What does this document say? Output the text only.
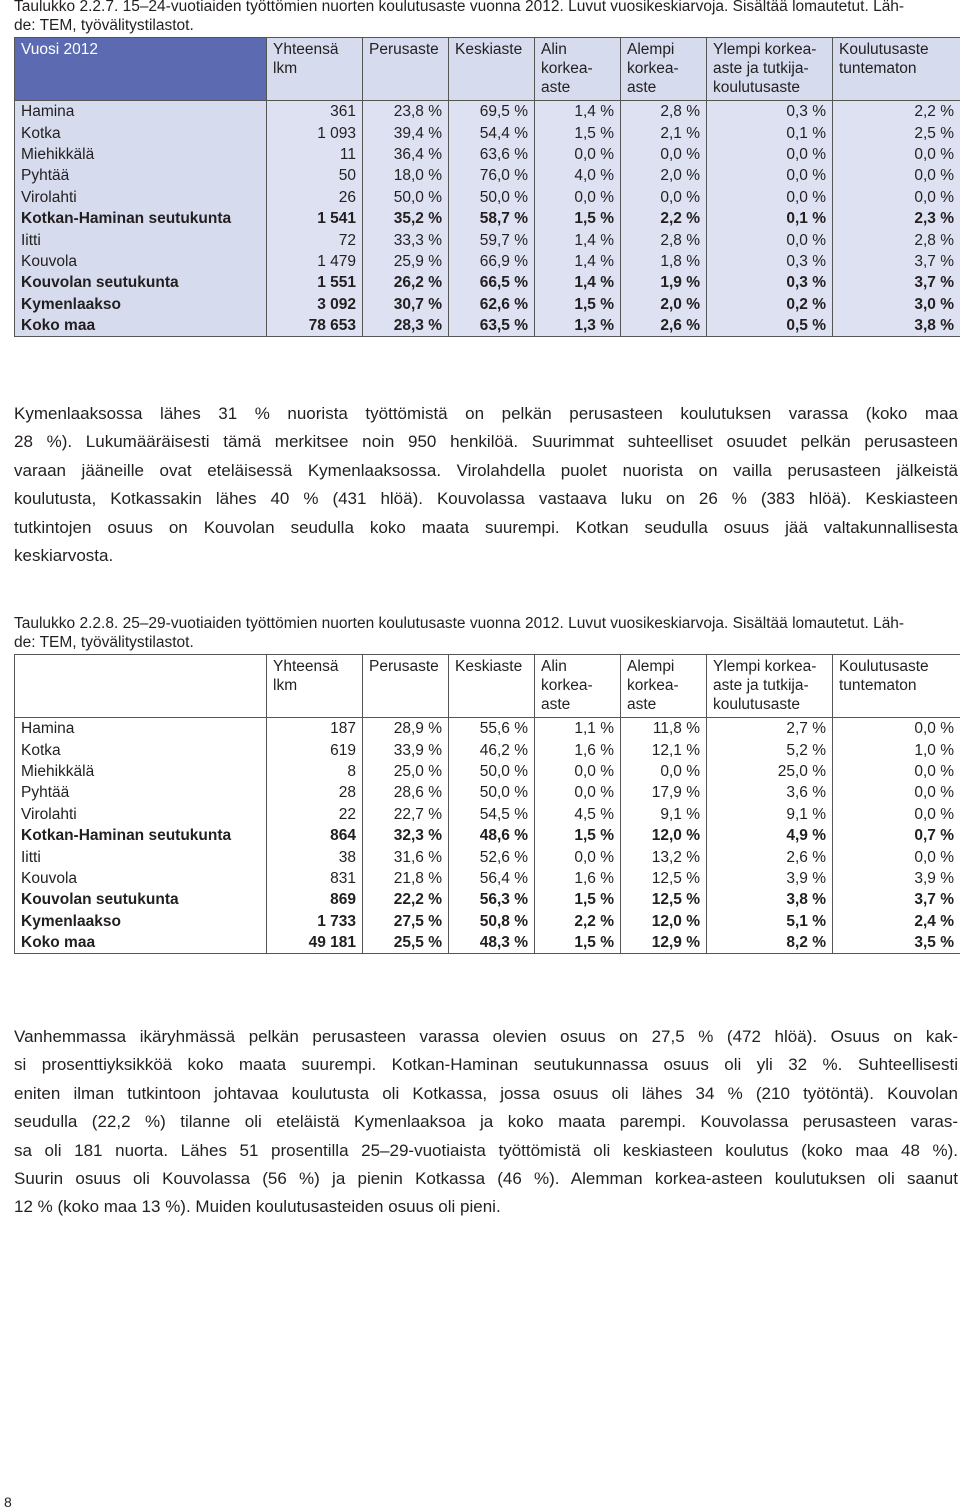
Taulukko 2.2.7. 15–24-vuotiaiden työttömien nuorten koulutusaste vuonna 2012. Luvut vuosikeskiarvoja. Sisältää lomautetut. Läh-
de: TEM, työvälitystilastot.
Vuosi 2012	Yhteensä lkm	Perusaste	Keskiaste	Alin korkea-aste	Alempi korkea-aste	Ylempi korkea-aste ja tutkija-koulutusaste	Koulutusaste tuntematon
Hamina	361	23,8 %	69,5 %	1,4 %	2,8 %	0,3 %	2,2 %
Kotka	1 093	39,4 %	54,4 %	1,5 %	2,1 %	0,1 %	2,5 %
Miehikkälä	11	36,4 %	63,6 %	0,0 %	0,0 %	0,0 %	0,0 %
Pyhtää	50	18,0 %	76,0 %	4,0 %	2,0 %	0,0 %	0,0 %
Virolahti	26	50,0 %	50,0 %	0,0 %	0,0 %	0,0 %	0,0 %
Kotkan-Haminan seutukunta	1 541	35,2 %	58,7 %	1,5 %	2,2 %	0,1 %	2,3 %
Iitti	72	33,3 %	59,7 %	1,4 %	2,8 %	0,0 %	2,8 %
Kouvola	1 479	25,9 %	66,9 %	1,4 %	1,8 %	0,3 %	3,7 %
Kouvolan seutukunta	1 551	26,2 %	66,5 %	1,4 %	1,9 %	0,3 %	3,7 %
Kymenlaakso	3 092	30,7 %	62,6 %	1,5 %	2,0 %	0,2 %	3,0 %
Koko maa	78 653	28,3 %	63,5 %	1,3 %	2,6 %	0,5 %	3,8 %
Kymenlaaksossa lähes 31 % nuorista työttömistä on pelkän perusasteen koulutuksen varassa (koko maa
28 %). Lukumääräisesti tämä merkitsee noin 950 henkilöä. Suurimmat suhteelliset osuudet pelkän perusasteen
varaan jääneille ovat eteläisessä Kymenlaaksossa. Virolahdella puolet nuorista on vailla perusasteen jälkeistä
koulutusta, Kotkassakin lähes 40 % (431 hlöä). Kouvolassa vastaava luku on 26 % (383 hlöä). Keskiasteen
tutkintojen osuus on Kouvolan seudulla koko maata suurempi. Kotkan seudulla osuus jää valtakunnallisesta
keskiarvosta.
Taulukko 2.2.8. 25–29-vuotiaiden työttömien nuorten koulutusaste vuonna 2012. Luvut vuosikeskiarvoja. Sisältää lomautetut. Läh-
de: TEM, työvälitystilastot.
	Yhteensä lkm	Perusaste	Keskiaste	Alin korkea-aste	Alempi korkea-aste	Ylempi korkea-aste ja tutkija-koulutusaste	Koulutusaste tuntematon
Hamina	187	28,9 %	55,6 %	1,1 %	11,8 %	2,7 %	0,0 %
Kotka	619	33,9 %	46,2 %	1,6 %	12,1 %	5,2 %	1,0 %
Miehikkälä	8	25,0 %	50,0 %	0,0 %	0,0 %	25,0 %	0,0 %
Pyhtää	28	28,6 %	50,0 %	0,0 %	17,9 %	3,6 %	0,0 %
Virolahti	22	22,7 %	54,5 %	4,5 %	9,1 %	9,1 %	0,0 %
Kotkan-Haminan seutukunta	864	32,3 %	48,6 %	1,5 %	12,0 %	4,9 %	0,7 %
Iitti	38	31,6 %	52,6 %	0,0 %	13,2 %	2,6 %	0,0 %
Kouvola	831	21,8 %	56,4 %	1,6 %	12,5 %	3,9 %	3,9 %
Kouvolan seutukunta	869	22,2 %	56,3 %	1,5 %	12,5 %	3,8 %	3,7 %
Kymenlaakso	1 733	27,5 %	50,8 %	2,2 %	12,0 %	5,1 %	2,4 %
Koko maa	49 181	25,5 %	48,3 %	1,5 %	12,9 %	8,2 %	3,5 %
Vanhemmassa ikäryhmässä pelkän perusasteen varassa olevien osuus on 27,5 % (472 hlöä). Osuus on kak-
si prosenttiyksikköä koko maata suurempi. Kotkan-Haminan seutukunnassa osuus oli yli 32 %. Suhteellisesti
eniten ilman tutkintoon johtavaa koulutusta oli Kotkassa, jossa osuus oli lähes 34 % (210 työtöntä). Kouvolan
seudulla (22,2 %) tilanne oli eteläistä Kymenlaaksoa ja koko maata parempi. Kouvolassa perusasteen varas-
sa oli 181 nuorta. Lähes 51 prosentilla 25–29-vuotiaista työttömistä oli keskiasteen koulutus (koko maa 48 %).
Suurin osuus oli Kouvolassa (56 %) ja pienin Kotkassa (46 %). Alemman korkea-asteen koulutuksen oli saanut
12 % (koko maa 13 %). Muiden koulutusasteiden osuus oli pieni.
8
